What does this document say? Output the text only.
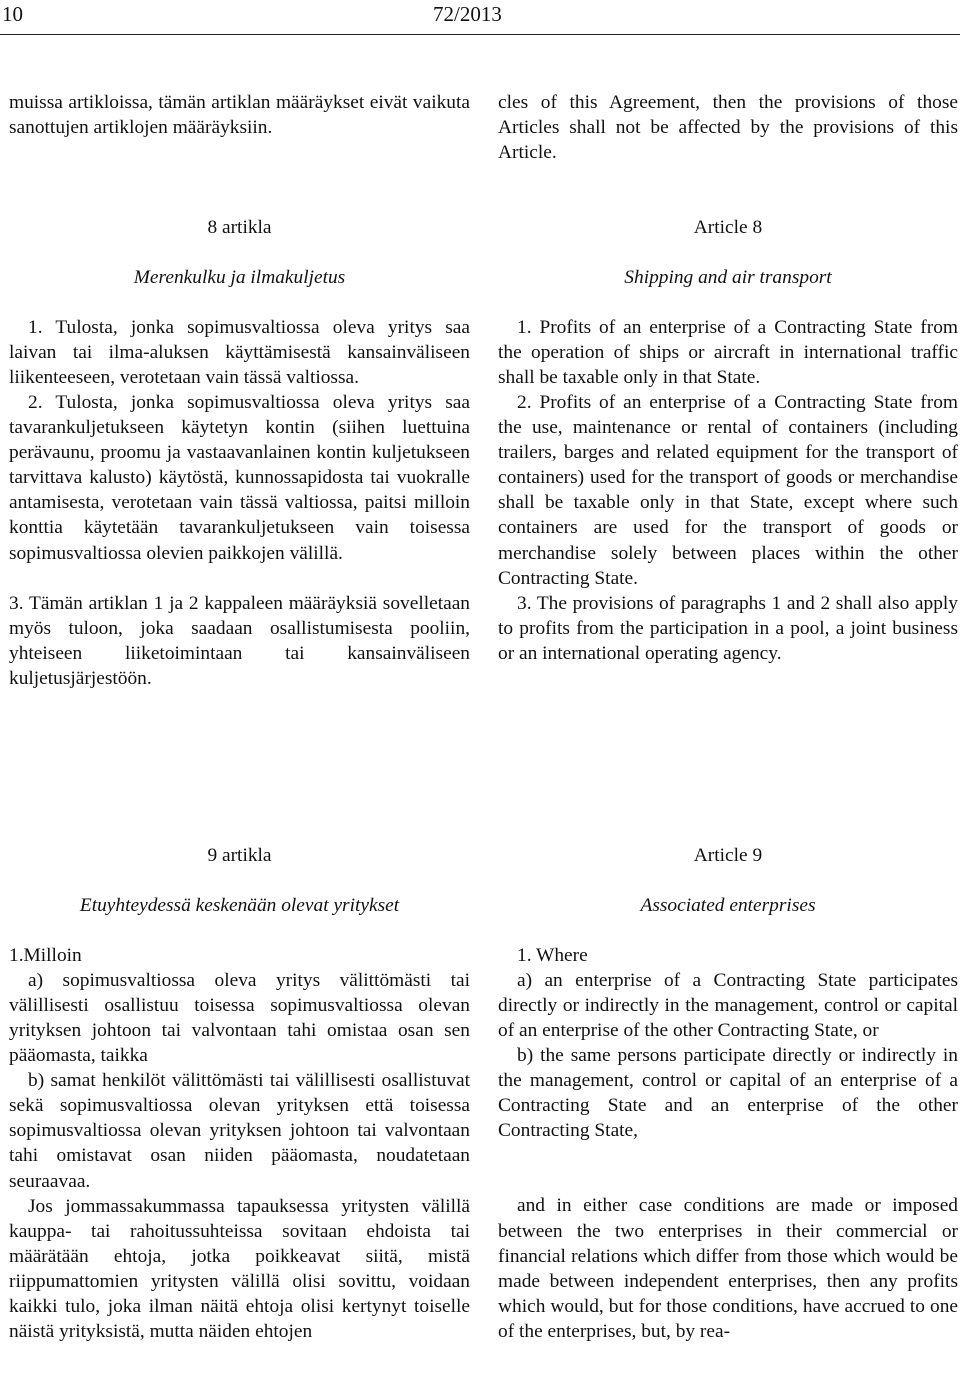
10	72/2013

muissa artikloissa, tämän artiklan määräykset eivät vaikuta sanottujen artiklojen määräyksiin.

8 artikla

Merenkulku ja ilmakuljetus

1. Tulosta, jonka sopimusvaltiossa oleva yritys saa laivan tai ilma-aluksen käyttämisestä kansainväliseen liikenteeseen, verotetaan vain tässä valtiossa.

2. Tulosta, jonka sopimusvaltiossa oleva yritys saa tavarankuljetukseen käytetyn kontin (siihen luettuina perävaunu, proomu ja vastaavanlainen kontin kuljetukseen tarvittava kalusto) käytöstä, kunnossapidosta tai vuokralle antamisesta, verotetaan vain tässä valtiossa, paitsi milloin konttia käytetään tavarankuljetukseen vain toisessa sopimusvaltiossa olevien paikkojen välillä.

3. Tämän artiklan 1 ja 2 kappaleen määräyksiä sovelletaan myös tuloon, joka saadaan osallistumisesta pooliin, yhteiseen liiketoimintaan tai kansainväliseen kuljetusjärjestöön.

9 artikla

Etuyhteydessä keskenään olevat yritykset

1.Milloin

a) sopimusvaltiossa oleva yritys välittömästi tai välillisesti osallistuu toisessa sopimusvaltiossa olevan yrityksen johtoon tai valvontaan tahi omistaa osan sen pääomasta, taikka

b) samat henkilöt välittömästi tai välillisesti osallistuvat sekä sopimusvaltiossa olevan yrityksen että toisessa sopimusvaltiossa olevan yrityksen johtoon tai valvontaan tahi omistavat osan niiden pääomasta, noudatetaan seuraavaa.

Jos jommassakummassa tapauksessa yritysten välillä kauppa- tai rahoitussuhteissa sovitaan ehdoista tai määrätään ehtoja, jotka poikkeavat siitä, mistä riippumattomien yritysten välillä olisi sovittu, voidaan kaikki tulo, joka ilman näitä ehtoja olisi kertynyt toiselle näistä yrityksistä, mutta näiden ehtojen

cles of this Agreement, then the provisions of those Articles shall not be affected by the provisions of this Article.

Article 8

Shipping and air transport

1. Profits of an enterprise of a Contracting State from the operation of ships or aircraft in international traffic shall be taxable only in that State.

2. Profits of an enterprise of a Contracting State from the use, maintenance or rental of containers (including trailers, barges and related equipment for the transport of containers) used for the transport of goods or merchandise shall be taxable only in that State, except where such containers are used for the transport of goods or merchandise solely between places within the other Contracting State.

3. The provisions of paragraphs 1 and 2 shall also apply to profits from the participation in a pool, a joint business or an international operating agency.

Article 9

Associated enterprises

1. Where

a) an enterprise of a Contracting State participates directly or indirectly in the management, control or capital of an enterprise of the other Contracting State, or

b) the same persons participate directly or indirectly in the management, control or capital of an enterprise of a Contracting State and an enterprise of the other Contracting State,

and in either case conditions are made or imposed between the two enterprises in their commercial or financial relations which differ from those which would be made between independent enterprises, then any profits which would, but for those conditions, have accrued to one of the enterprises, but, by rea-
